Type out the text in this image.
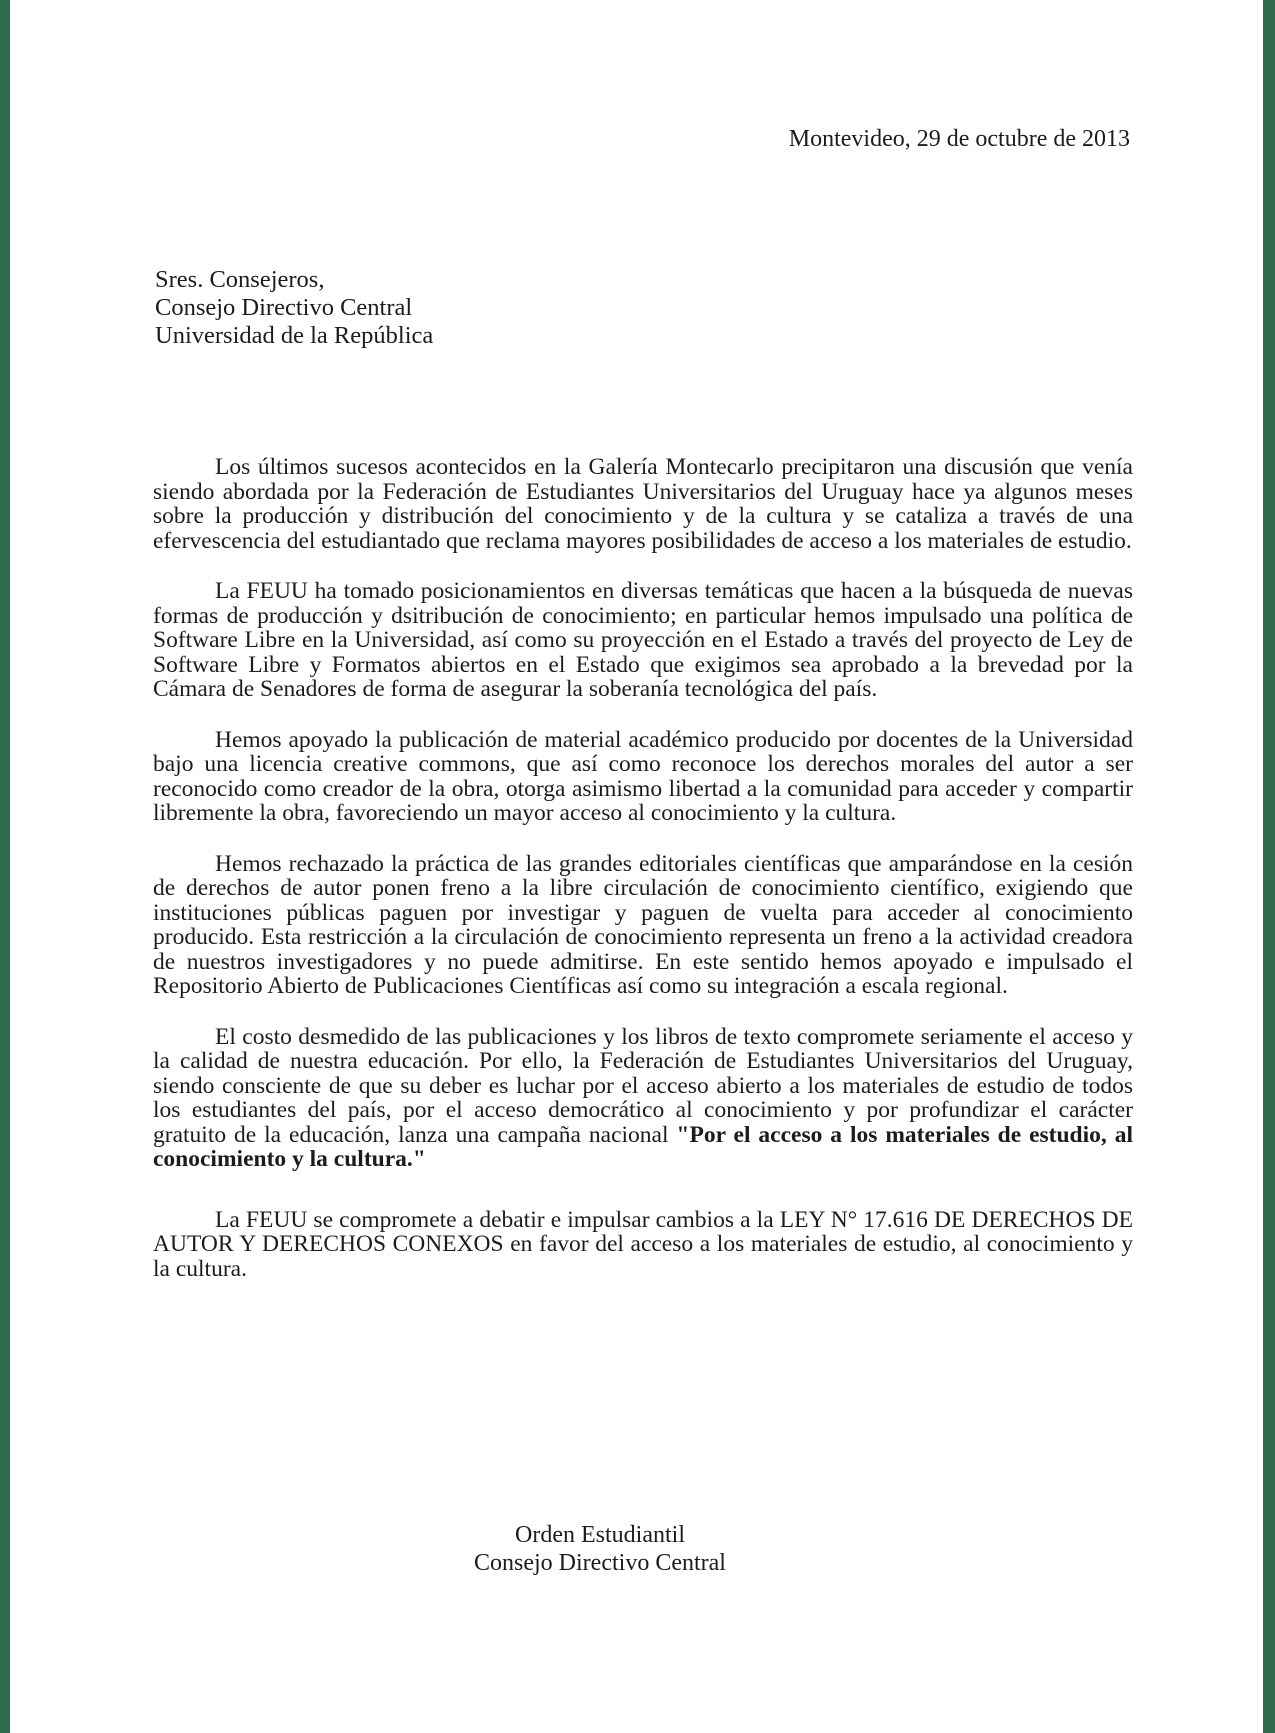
Montevideo, 29 de octubre de 2013
Sres. Consejeros,
Consejo Directivo Central
Universidad de la República

Los últimos sucesos acontecidos en la Galería Montecarlo precipitaron una discusión que venía siendo abordada por la Federación de Estudiantes Universitarios del Uruguay hace ya algunos meses sobre la producción y distribución del conocimiento y de la cultura y se cataliza a través de una efervescencia del estudiantado que reclama mayores posibilidades de acceso a los materiales de estudio.

La FEUU ha tomado posicionamientos en diversas temáticas que hacen a la búsqueda de nuevas formas de producción y dsitribución de conocimiento; en particular hemos impulsado una política de Software Libre en la Universidad, así como su proyección en el Estado a través del proyecto de Ley de Software Libre y Formatos abiertos en el Estado que exigimos sea aprobado a la brevedad por la Cámara de Senadores de forma de asegurar la soberanía tecnológica del país.

Hemos apoyado la publicación de material académico producido por docentes de la Universidad bajo una licencia creative commons, que así como reconoce los derechos morales del autor a ser reconocido como creador de la obra, otorga asimismo libertad a la comunidad para acceder y compartir libremente la obra, favoreciendo un mayor acceso al conocimiento y la cultura.

Hemos rechazado la práctica de las grandes editoriales científicas que amparándose en la cesión de derechos de autor ponen freno a la libre circulación de conocimiento científico, exigiendo que instituciones públicas paguen por investigar y paguen de vuelta para acceder al conocimiento producido. Esta restricción a la circulación de conocimiento representa un freno a la actividad creadora de nuestros investigadores y no puede admitirse. En este sentido hemos apoyado e impulsado el Repositorio Abierto de Publicaciones Científicas así como su integración a escala regional.

El costo desmedido de las publicaciones y los libros de texto compromete seriamente el acceso y la calidad de nuestra educación. Por ello, la Federación de Estudiantes Universitarios del Uruguay, siendo consciente de que su deber es luchar por el acceso abierto a los materiales de estudio de todos los estudiantes del país, por el acceso democrático al conocimiento y por profundizar el carácter gratuito de la educación, lanza una campaña nacional "Por el acceso a los materiales de estudio, al conocimiento y la cultura."

La FEUU se compromete a debatir e impulsar cambios a la LEY N° 17.616 DE DERECHOS DE AUTOR Y DERECHOS CONEXOS en favor del acceso a los materiales de estudio, al conocimiento y la cultura.

Orden Estudiantil
Consejo Directivo Central
